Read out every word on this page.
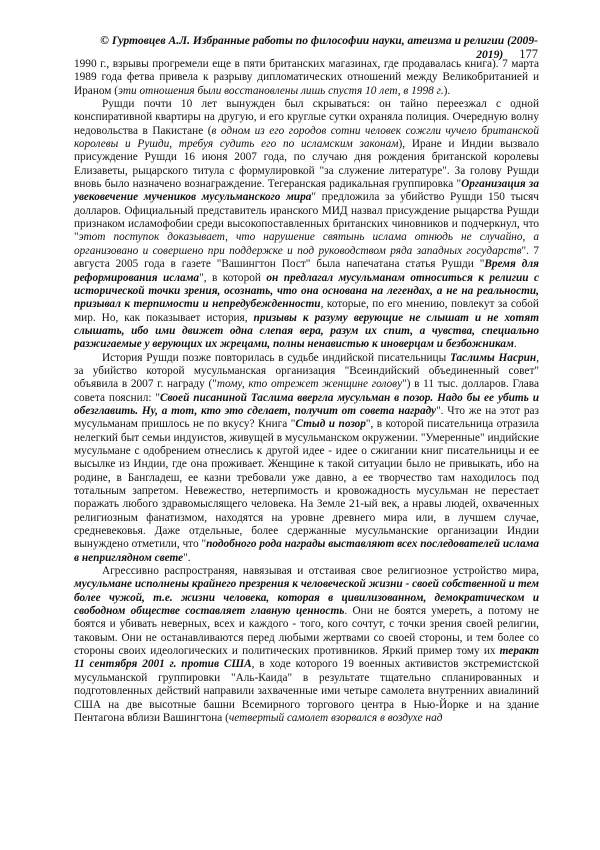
© Гуртовцев А.Л. Избранные работы по философии науки, атеизма и религии (2009-2019) 177

1990 г., взрывы прогремели еще в пяти британских магазинах, где продавалась книга). 7 марта 1989 года фетва привела к разрыву дипломатических отношений между Великобританией и Ираном (эти отношения были восстановлены лишь спустя 10 лет, в 1998 г.).

Рушди почти 10 лет вынужден был скрываться: он тайно переезжал с одной конспиративной квартиры на другую, и его круглые сутки охраняла полиция. Очередную волну недовольства в Пакистане (в одном из его городов сотни человек сожгли чучело британской королевы и Рушди, требуя судить его по исламским законам), Иране и Индии вызвало присуждение Рушди 16 июня 2007 года, по случаю дня рождения британской королевы Елизаветы, рыцарского титула с формулировкой "за служение литературе". За голову Рушди вновь было назначено вознаграждение. Тегеранская радикальная группировка "Организация за увековечение мучеников мусульманского мира" предложила за убийство Рушди 150 тысяч долларов. Официальный представитель иранского МИД назвал присуждение рыцарства Рушди признаком исламофобии среди высокопоставленных британских чиновников и подчеркнул, что "этот поступок доказывает, что нарушение святынь ислама отнюдь не случайно, а организовано и совершено при поддержке и под руководством ряда западных государств". 7 августа 2005 года в газете "Вашингтон Пост" была напечатана статья Рушди "Время для реформирования ислама", в которой он предлагал мусульманам относиться к религии с исторической точки зрения, осознать, что она основана на легендах, а не на реальности, призывал к терпимости и непредубежденности, которые, по его мнению, повлекут за собой мир. Но, как показывает история, призывы к разуму верующие не слышат и не хотят слышать, ибо ими движет одна слепая вера, разум их спит, а чувства, специально разжигаемые у верующих их жрецами, полны ненавистью к иноверцам и безбожникам.

История Рушди позже повторилась в судьбе индийской писательницы Таслимы Насрин, за убийство которой мусульманская организация "Всеиндийский объединенный совет" объявила в 2007 г. награду ("тому, кто отрежет женщине голову") в 11 тыс. долларов. Глава совета пояснил: "Своей писаниной Таслима ввергла мусульман в позор. Надо бы ее убить и обезглавить. Ну, а тот, кто это сделает, получит от совета награду". Что же на этот раз мусульманам пришлось не по вкусу? Книга "Стыд и позор", в которой писательница отразила нелегкий быт семьи индуистов, живущей в мусульманском окружении. "Умеренные" индийские мусульмане с одобрением отнеслись к другой идее - идее о сжигании книг писательницы и ее высылке из Индии, где она проживает. Женщине к такой ситуации было не привыкать, ибо на родине, в Бангладеш, ее казни требовали уже давно, а ее творчество там находилось под тотальным запретом. Невежество, нетерпимость и кровожадность мусульман не перестает поражать любого здравомыслящего человека. На Земле 21-ый век, а нравы людей, охваченных религиозным фанатизмом, находятся на уровне древнего мира или, в лучшем случае, средневековья. Даже отдельные, более сдержанные мусульманские организации Индии вынуждено отметили, что "подобного рода награды выставляют всех последователей ислама в неприглядном свете".

Агрессивно распространяя, навязывая и отстаивая свое религиозное устройство мира, мусульмане исполнены крайнего презрения к человеческой жизни - своей собственной и тем более чужой, т.е. жизни человека, которая в цивилизованном, демократическом и свободном обществе составляет главную ценность. Они не боятся умереть, а потому не боятся и убивать неверных, всех и каждого - того, кого сочтут, с точки зрения своей религии, таковым. Они не останавливаются перед любыми жертвами со своей стороны, и тем более со стороны своих идеологических и политических противников. Яркий пример тому их теракт 11 сентября 2001 г. против США, в ходе которого 19 военных активистов экстремистской мусульманской группировки "Аль-Каида" в результате тщательно спланированных и подготовленных действий направили захваченные ими четыре самолета внутренних авиалиний США на две высотные башни Всемирного торгового центра в Нью-Йорке и на здание Пентагона вблизи Вашингтона (четвертый самолет взорвался в воздухе над
